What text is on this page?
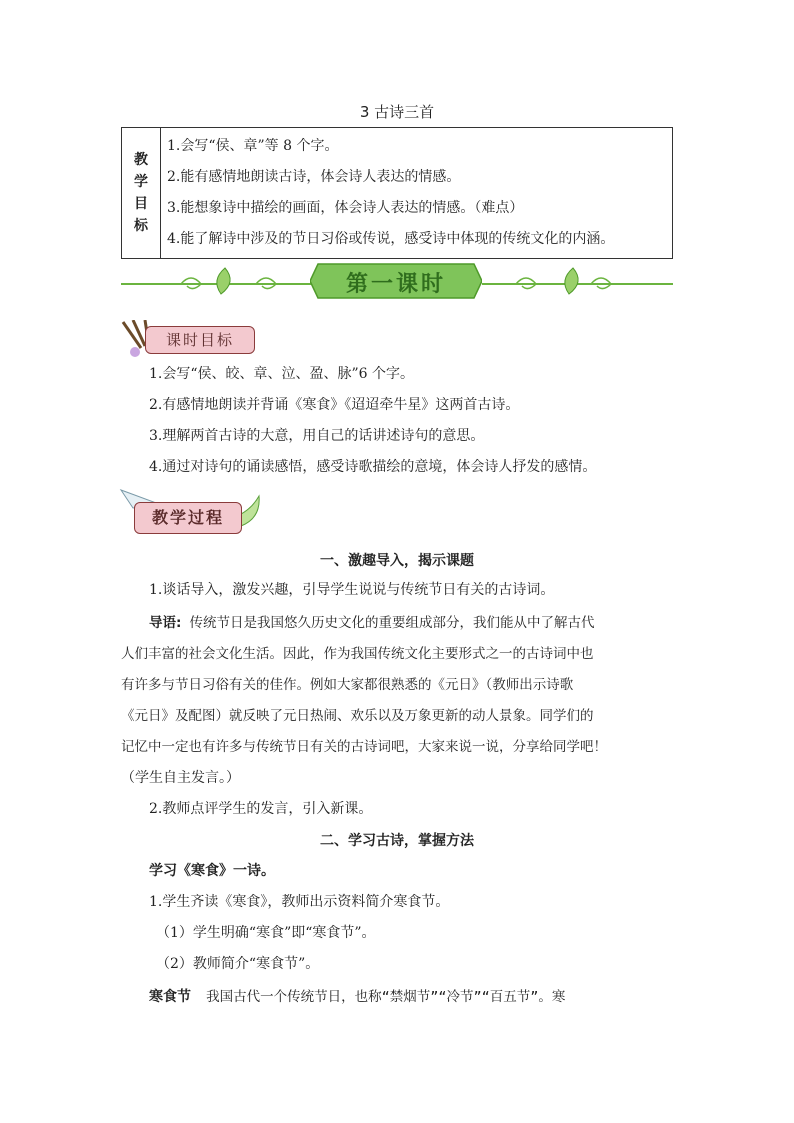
3 古诗三首
教学目标	
1.会写“侯、章”等 8 个字。
2.能有感情地朗读古诗，体会诗人表达的情感。
3.能想象诗中描绘的画面，体会诗人表达的情感。（难点）
4.能了解诗中涉及的节日习俗或传说，感受诗中体现的传统文化的内涵。
第一课时
课时目标
1.会写“侯、皎、章、泣、盈、脉”6 个字。
2.有感情地朗读并背诵《寒食》《迢迢牵牛星》这两首古诗。
3.理解两首古诗的大意，用自己的话讲述诗句的意思。
4.通过对诗句的诵读感悟，感受诗歌描绘的意境，体会诗人抒发的感情。
教学过程
一、激趣导入，揭示课题
1.谈话导入，激发兴趣，引导学生说说与传统节日有关的古诗词。
导语: 传统节日是我国悠久历史文化的重要组成部分，我们能从中了解古代
人们丰富的社会文化生活。因此，作为我国传统文化主要形式之一的古诗词中也
有许多与节日习俗有关的佳作。例如大家都很熟悉的《元日》（教师出示诗歌
《元日》及配图）就反映了元日热闹、欢乐以及万象更新的动人景象。同学们的
记忆中一定也有许多与传统节日有关的古诗词吧，大家来说一说，分享给同学吧！
（学生自主发言。）
2.教师点评学生的发言，引入新课。
二、学习古诗，掌握方法
学习《寒食》一诗。
1.学生齐读《寒食》，教师出示资料简介寒食节。
（1）学生明确“寒食”即“寒食节”。
（2）教师简介“寒食节”。
寒食节 我国古代一个传统节日，也称“禁烟节”“冷节”“百五节”。寒
